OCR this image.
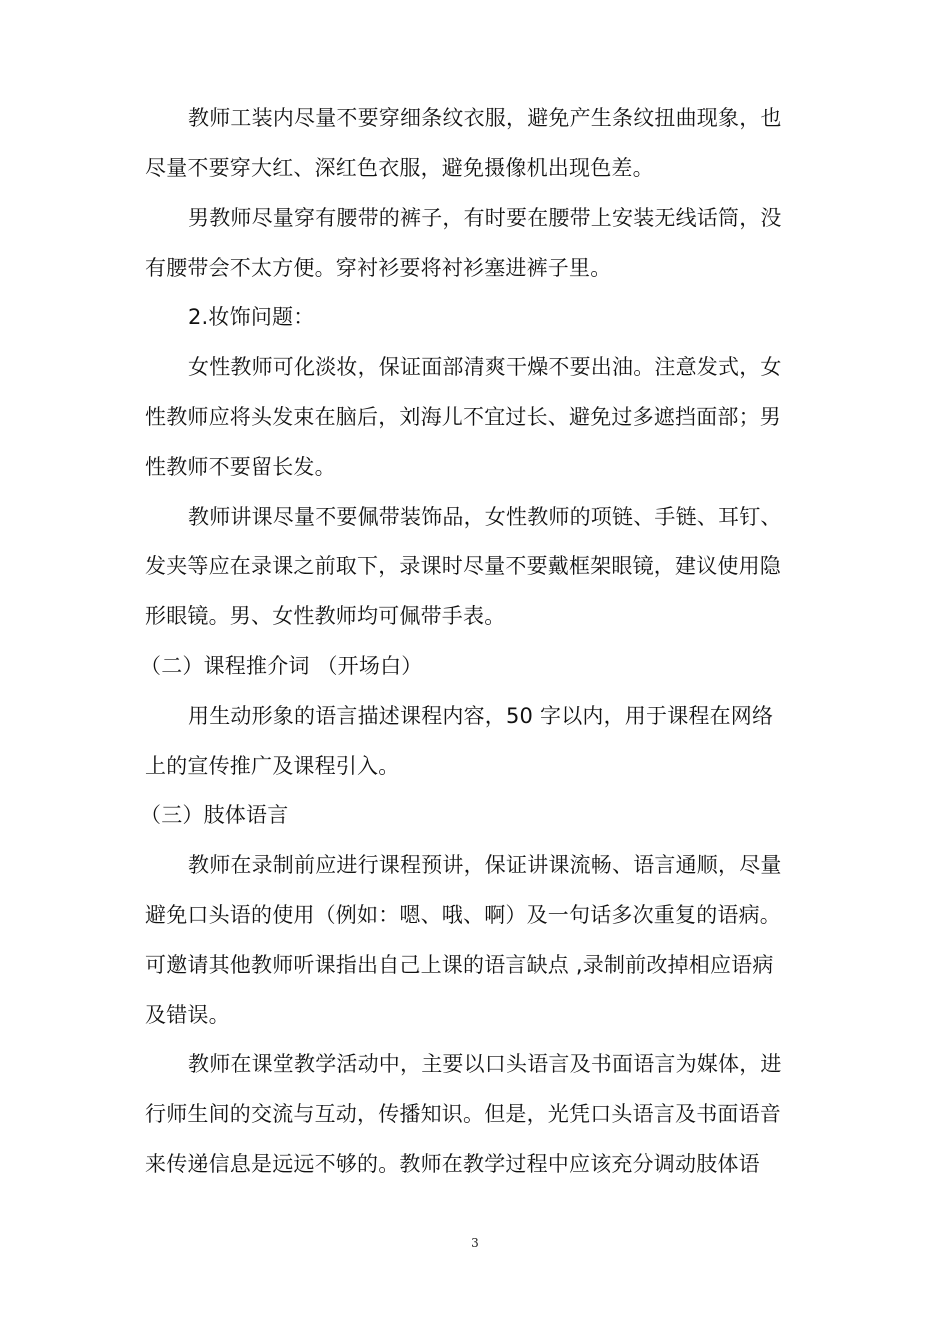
教师工装内尽量不要穿细条纹衣服，避免产生条纹扭曲现象，也
尽量不要穿大红、深红色衣服，避免摄像机出现色差。
男教师尽量穿有腰带的裤子，有时要在腰带上安装无线话筒，没
有腰带会不太方便。穿衬衫要将衬衫塞进裤子里。
2.妆饰问题：
女性教师可化淡妆，保证面部清爽干燥不要出油。注意发式，女
性教师应将头发束在脑后，刘海儿不宜过长、避免过多遮挡面部；男
性教师不要留长发。
教师讲课尽量不要佩带装饰品，女性教师的项链、手链、耳钉、
发夹等应在录课之前取下，录课时尽量不要戴框架眼镜，建议使用隐
形眼镜。男、女性教师均可佩带手表。
（二）课程推介词 （开场白）
用生动形象的语言描述课程内容，50 字以内，用于课程在网络
上的宣传推广及课程引入。
（三）肢体语言
教师在录制前应进行课程预讲，保证讲课流畅、语言通顺，尽量
避免口头语的使用（例如：嗯、哦、啊）及一句话多次重复的语病。
可邀请其他教师听课指出自己上课的语言缺点 ,录制前改掉相应语病
及错误。
教师在课堂教学活动中，主要以口头语言及书面语言为媒体，进
行师生间的交流与互动，传播知识。但是，光凭口头语言及书面语音
来传递信息是远远不够的。教师在教学过程中应该充分调动肢体语
3
